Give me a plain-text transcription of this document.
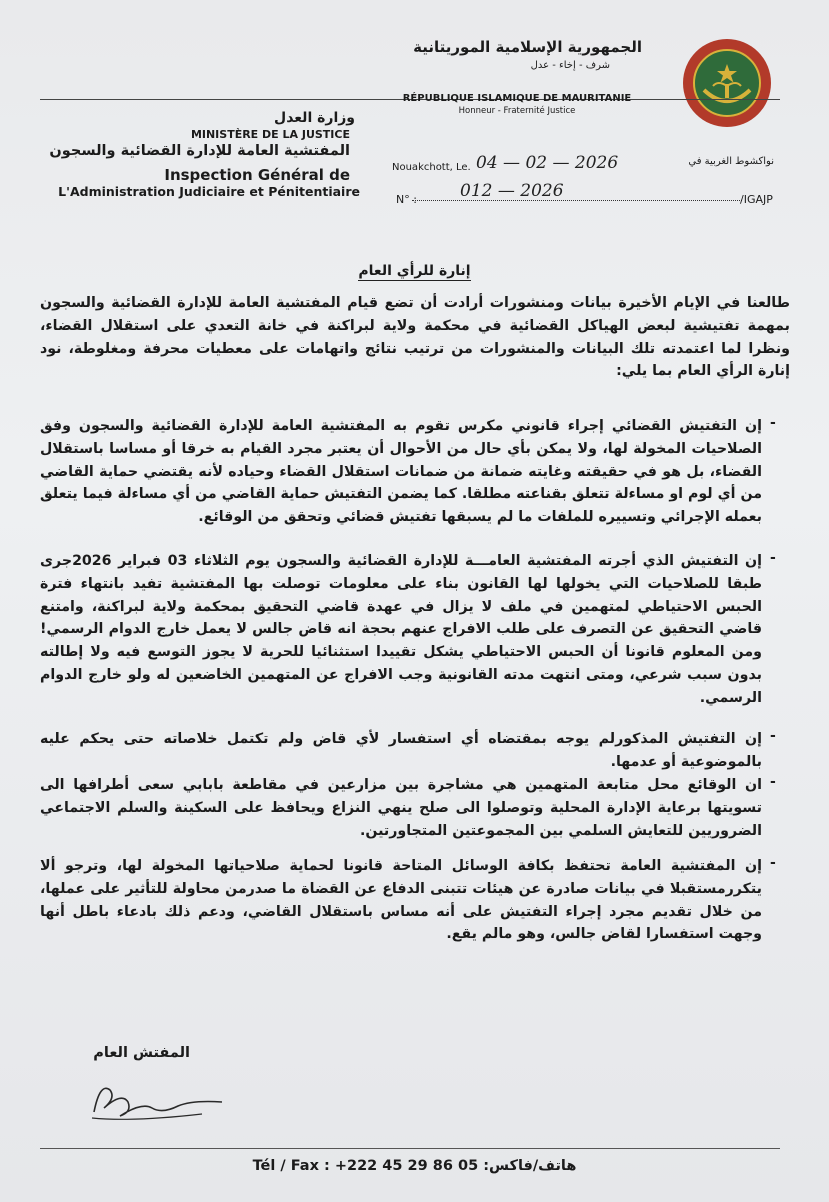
الجمهورية الإسلامية الموريتانية
شرف - إخاء - عدل
RÉPUBLIQUE ISLAMIQUE DE MAURITANIE
Honneur - Fraternité Justice
وزارة العدل
MINISTÈRE DE LA JUSTICE
المفتشية العامة للإدارة القضائية والسجون
Inspection Général de
L'Administration Judiciaire et Pénitentiaire
Nouakchott, Le. 04 — 02 — 2026	نواكشوط الغربية في
N° :	012 — 2026	/IGAJP
إنارة للرأي العام
طالعنا في الإيام الأخيرة بيانات ومنشورات أرادت أن تضع قيام المفتشية العامة للإدارة القضائية والسجون بمهمة تفتيشية لبعض الهياكل القضائية في محكمة ولاية لبراكنة في خانة التعدي على استقلال القضاء، ونظرا لما اعتمدته تلك البيانات والمنشورات من ترتيب نتائج واتهامات على معطيات محرفة ومغلوطة، نود إنارة الرأي العام بما يلي:
-
إن التفتيش القضائي إجراء قانوني مكرس تقوم به المفتشية العامة للإدارة القضائية والسجون وفق الصلاحيات المخولة لها، ولا يمكن بأي حال من الأحوال أن يعتبر مجرد القيام به خرقا أو مساسا باستقلال القضاء، بل هو في حقيقته وغايته ضمانة من ضمانات استقلال القضاء وحياده لأنه يقتضي حماية القاضي من أي لوم او مساءلة تتعلق بقناعته مطلقا. كما يضمن التفتيش حماية القاضي من أي مساءلة فيما يتعلق بعمله الإجرائي وتسييره للملفات ما لم يسبقها تفتيش قضائي وتحقق من الوقائع.
-
إن التفتيش الذي أجرته المفتشية العامـــة للإدارة القضائية والسجون يوم الثلاثاء 03 فبراير 2026جرى طبقا للصلاحيات التي يخولها لها القانون بناء على معلومات توصلت بها المفتشية تفيد بانتهاء فترة الحبس الاحتياطي لمتهمين في ملف لا يزال في عهدة قاضي التحقيق بمحكمة ولاية لبراكنة، وامتنع قاضي التحقيق عن التصرف على طلب الافراج عنهم بحجة انه قاض جالس لا يعمل خارج الدوام الرسمي! ومن المعلوم قانونا أن الحبس الاحتياطي يشكل تقييدا استثنائيا للحرية لا يجوز التوسع فيه ولا إطالته بدون سبب شرعي، ومتى انتهت مدته القانونية وجب الافراج عن المتهمين الخاضعين له ولو خارج الدوام الرسمي.
-
إن التفتيش المذكورلم يوجه بمقتضاه أي استفسار لأي قاض ولم تكتمل خلاصاته حتى يحكم عليه بالموضوعية أو عدمها.
-
ان الوقائع محل متابعة المتهمين هي مشاجرة بين مزارعين في مقاطعة بابابي سعى أطرافها الى تسويتها برعاية الإدارة المحلية وتوصلوا الى صلح ينهي النزاع ويحافظ على السكينة والسلم الاجتماعي الضروريين للتعايش السلمي بين المجموعتين المتجاورتين.
-
إن المفتشية العامة تحتفظ بكافة الوسائل المتاحة قانونا لحماية صلاحياتها المخولة لها، وترجو ألا يتكررمستقبلا في بيانات صادرة عن هيئات تتبنى الدفاع عن القضاة ما صدرمن محاولة للتأثير على عملها، من خلال تقديم مجرد إجراء التفتيش على أنه مساس باستقلال القاضي، ودعم ذلك بادعاء باطل أنها وجهت استفسارا لقاض جالس، وهو مالم يقع.
المفتش العام
Tél / Fax : +222 45 29 86 05 :هاتف/فاكس
